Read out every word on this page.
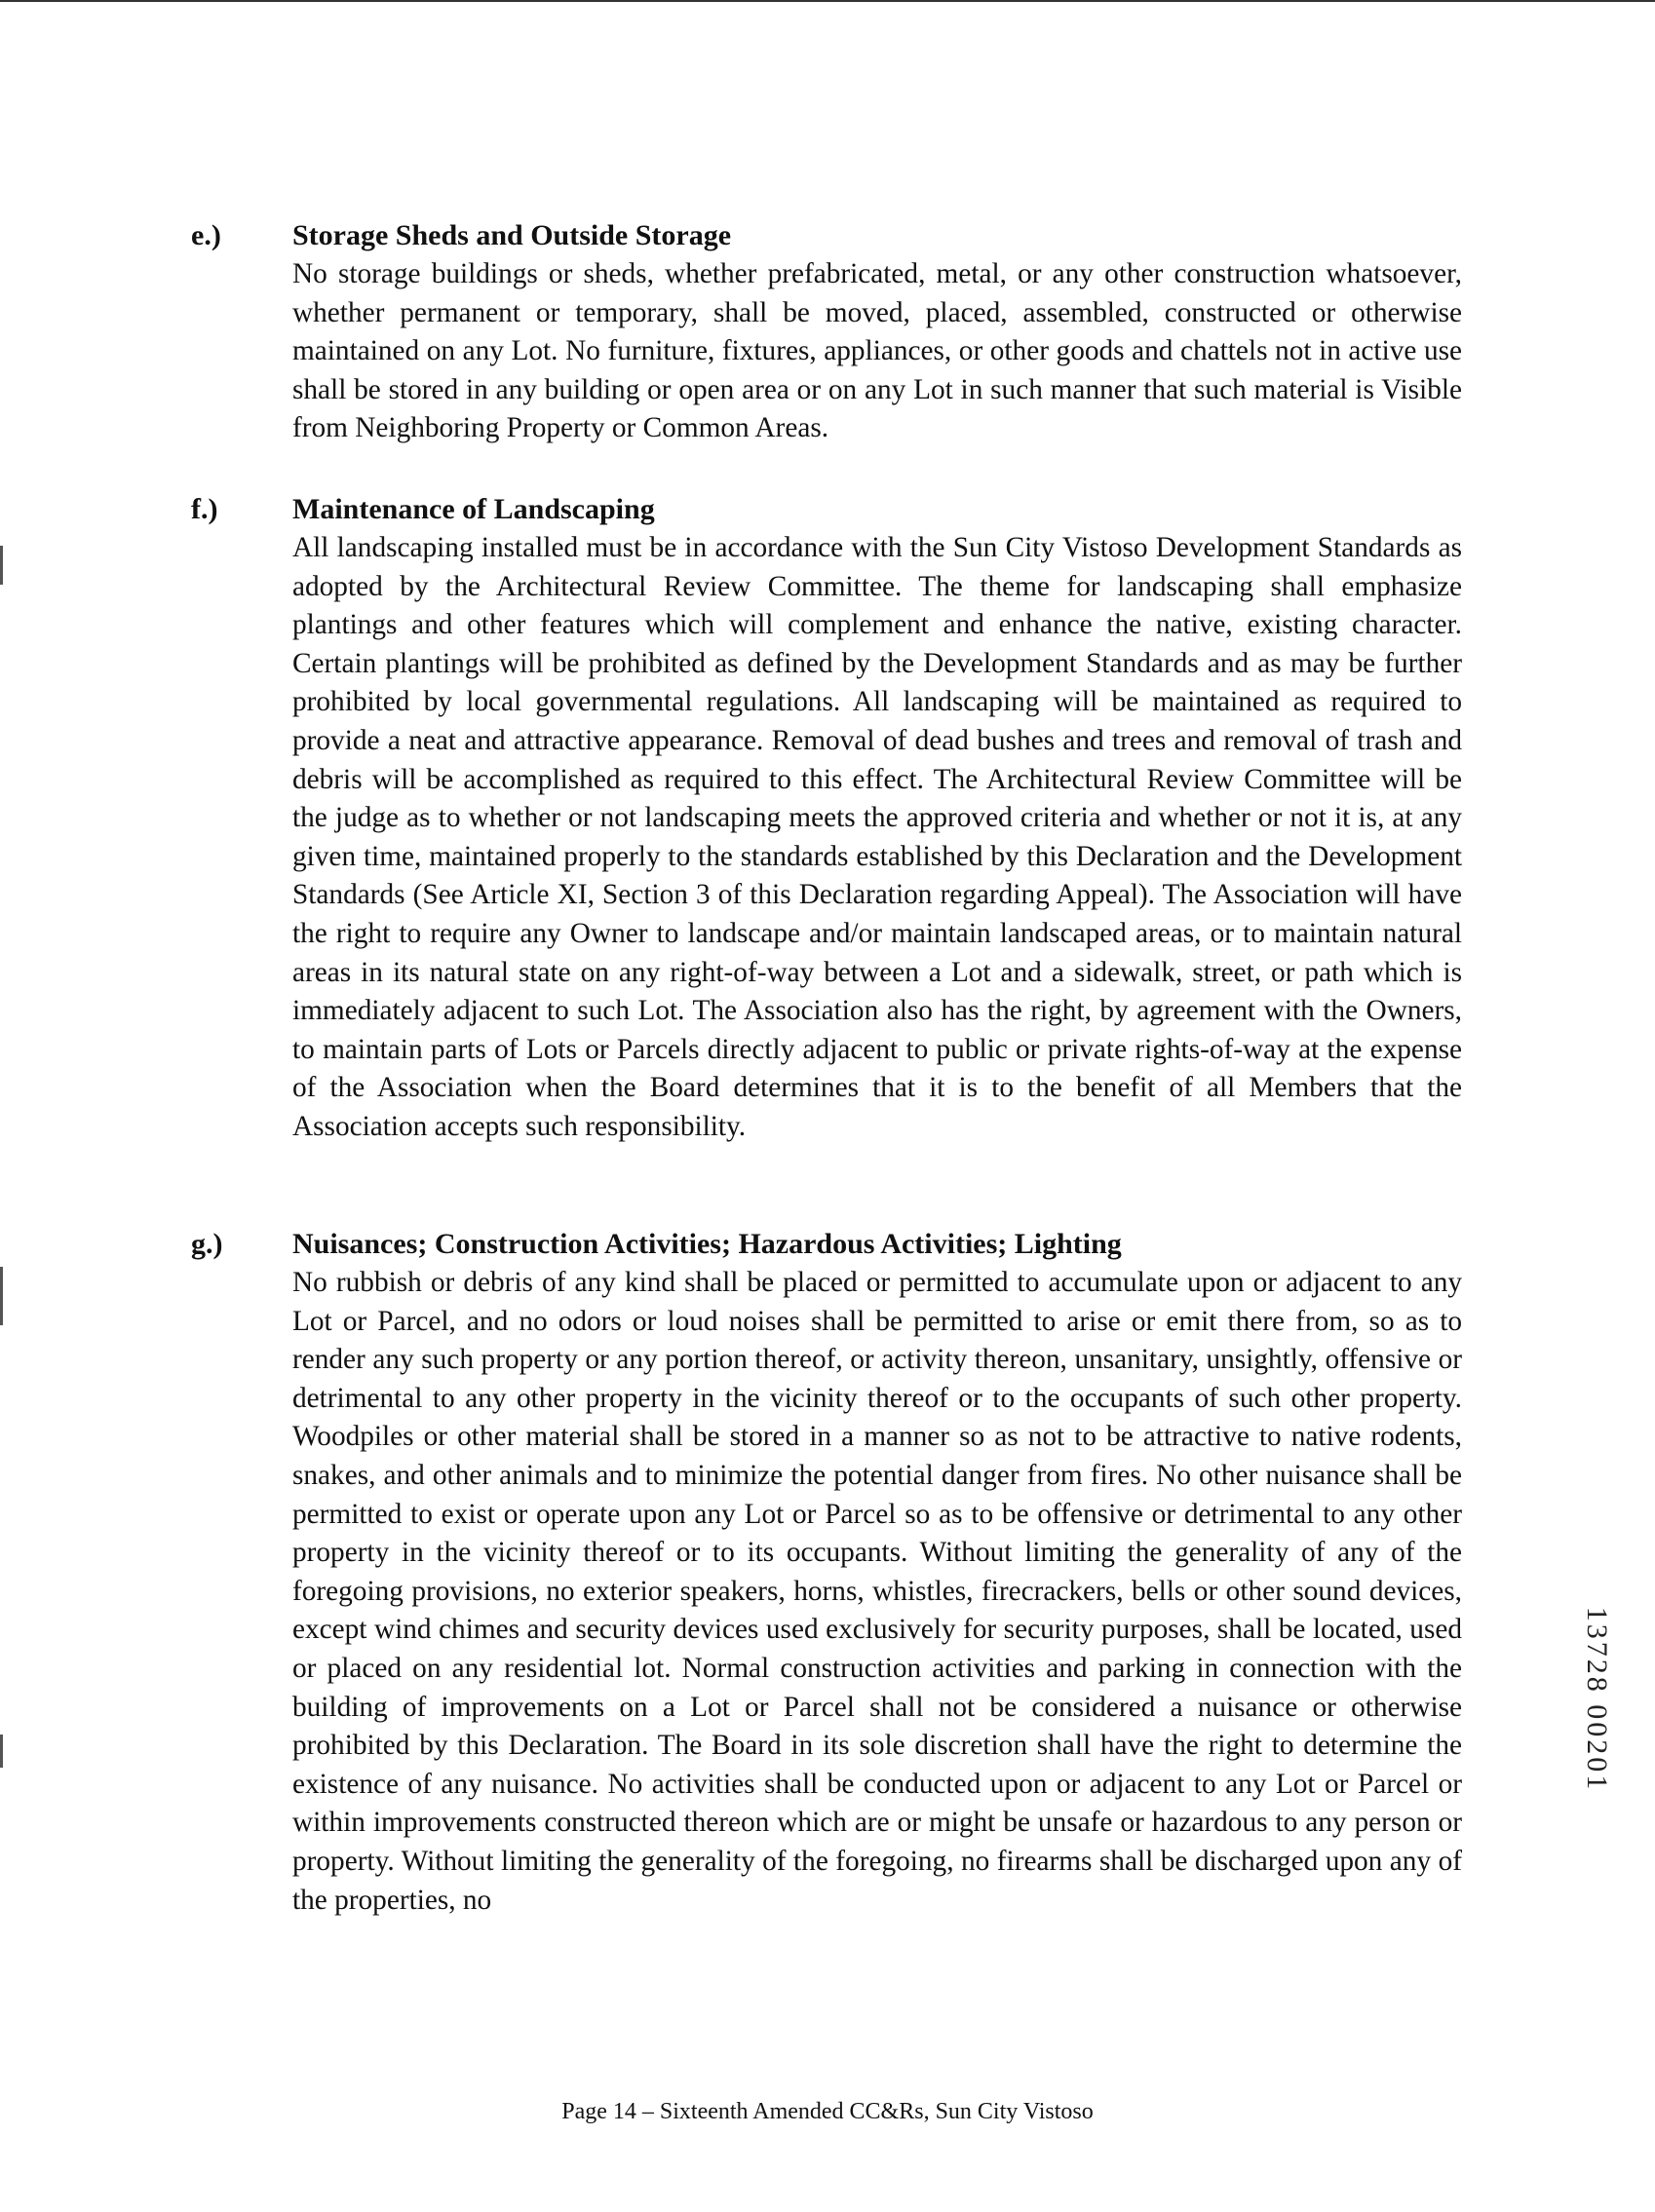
e.) Storage Sheds and Outside Storage

No storage buildings or sheds, whether prefabricated, metal, or any other construction whatsoever, whether permanent or temporary, shall be moved, placed, assembled, constructed or otherwise maintained on any Lot. No furniture, fixtures, appliances, or other goods and chattels not in active use shall be stored in any building or open area or on any Lot in such manner that such material is Visible from Neighboring Property or Common Areas.

f.)	Maintenance of Landscaping

All landscaping installed must be in accordance with the Sun City Vistoso Development Standards as adopted by the Architectural Review Committee. The theme for landscaping shall emphasize plantings and other features which will complement and enhance the native, existing character. Certain plantings will be prohibited as defined by the Development Standards and as may be further prohibited by local governmental regulations. All landscaping will be maintained as required to provide a neat and attractive appearance. Removal of dead bushes and trees and removal of trash and debris will be accomplished as required to this effect. The Architectural Review Committee will be the judge as to whether or not landscaping meets the approved criteria and whether or not it is, at any given time, maintained properly to the standards established by this Declaration and the Development Standards (See Article XI, Section 3 of this Declaration regarding Appeal). The Association will have the right to require any Owner to landscape and/or maintain landscaped areas, or to maintain natural areas in its natural state on any right-of-way between a Lot and a sidewalk, street, or path which is immediately adjacent to such Lot. The Association also has the right, by agreement with the Owners, to maintain parts of Lots or Parcels directly adjacent to public or private rights-of-way at the expense of the Association when the Board determines that it is to the benefit of all Members that the Association accepts such responsibility.

g.) Nuisances; Construction Activities; Hazardous Activities; Lighting

No rubbish or debris of any kind shall be placed or permitted to accumulate upon or adjacent to any Lot or Parcel, and no odors or loud noises shall be permitted to arise or emit there from, so as to render any such property or any portion thereof, or activity thereon, unsanitary, unsightly, offensive or detrimental to any other property in the vicinity thereof or to the occupants of such other property. Woodpiles or other material shall be stored in a manner so as not to be attractive to native rodents, snakes, and other animals and to minimize the potential danger from fires. No other nuisance shall be permitted to exist or operate upon any Lot or Parcel so as to be offensive or detrimental to any other property in the vicinity thereof or to its occupants. Without limiting the generality of any of the foregoing provisions, no exterior speakers, horns, whistles, firecrackers, bells or other sound devices, except wind chimes and security devices used exclusively for security purposes, shall be located, used or placed on any residential lot. Normal construction activities and parking in connection with the building of improvements on a Lot or Parcel shall not be considered a nuisance or otherwise prohibited by this Declaration. The Board in its sole discretion shall have the right to determine the existence of any nuisance. No activities shall be conducted upon or adjacent to any Lot or Parcel or within improvements constructed thereon which are or might be unsafe or hazardous to any person or property. Without limiting the generality of the foregoing, no firearms shall be discharged upon any of the properties, no

13728 00201
Page 14 – Sixteenth Amended CC&Rs, Sun City Vistoso
